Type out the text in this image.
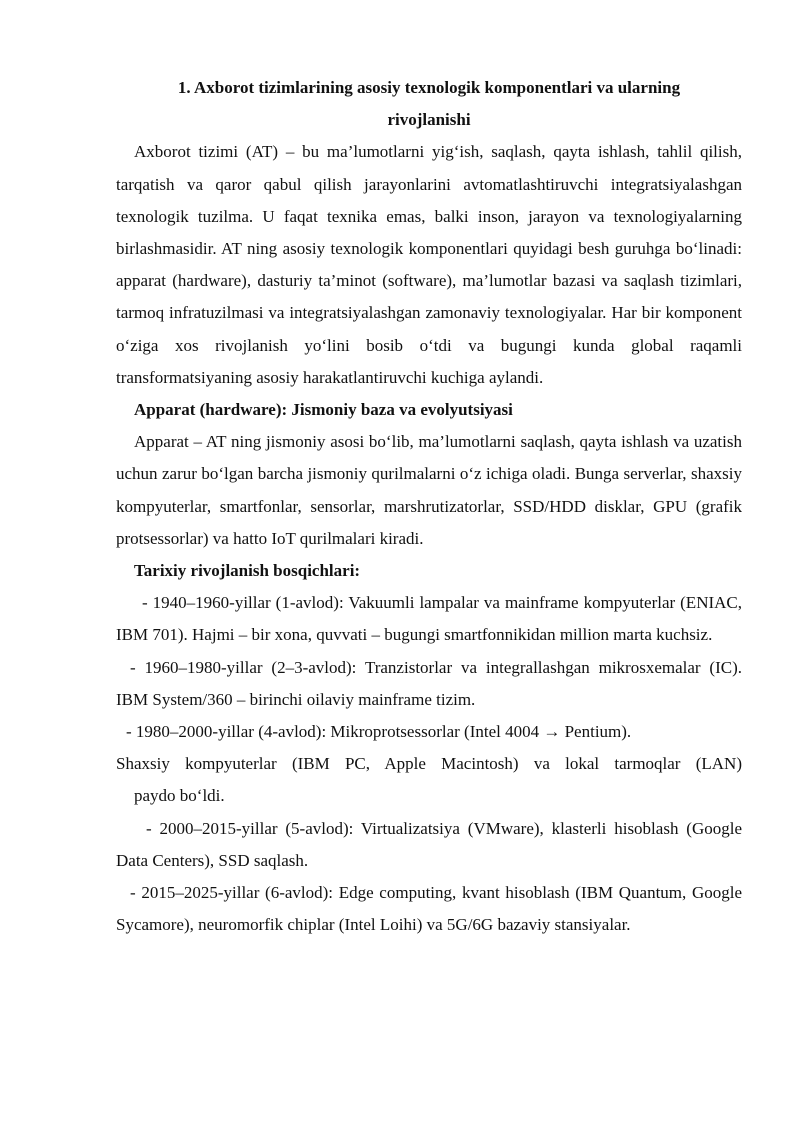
1. Axborot tizimlarining asosiy texnologik komponentlari va ularning
rivojlanishi

Axborot tizimi (AT) – bu ma’lumotlarni yig‘ish, saqlash, qayta ishlash, tahlil qilish, tarqatish va qaror qabul qilish jarayonlarini avtomatlashtiruvchi integratsiyalashgan texnologik tuzilma. U faqat texnika emas, balki inson, jarayon va texnologiyalarning birlashmasidir. AT ning asosiy texnologik komponentlari quyidagi besh guruhga bo‘linadi: apparat (hardware), dasturiy ta’minot (software), ma’lumotlar bazasi va saqlash tizimlari, tarmoq infratuzilmasi va integratsiyalashgan zamonaviy texnologiyalar. Har bir komponent o‘ziga xos rivojlanish yo‘lini bosib o‘tdi va bugungi kunda global raqamli transformatsiyaning asosiy harakatlantiruvchi kuchiga aylandi.

Apparat (hardware): Jismoniy baza va evolyutsiyasi

Apparat – AT ning jismoniy asosi bo‘lib, ma’lumotlarni saqlash, qayta ishlash va uzatish uchun zarur bo‘lgan barcha jismoniy qurilmalarni o‘z ichiga oladi. Bunga serverlar, shaxsiy kompyuterlar, smartfonlar, sensorlar, marshrutizatorlar, SSD/HDD disklar, GPU (grafik protsessorlar) va hatto IoT qurilmalari kiradi.

Tarixiy rivojlanish bosqichlari:

- 1940–1960-yillar (1-avlod): Vakuumli lampalar va mainframe kompyuterlar (ENIAC, IBM 701). Hajmi – bir xona, quvvati – bugungi smartfonnikidan million marta kuchsiz.

- 1960–1980-yillar (2–3-avlod): Tranzistorlar va integrallashgan mikrosxemalar (IC). IBM System/360 – birinchi oilaviy mainframe tizim.

- 1980–2000-yillar (4-avlod): Mikroprotsessorlar (Intel 4004 → Pentium).

Shaxsiy kompyuterlar (IBM PC, Apple Macintosh) va lokal tarmoqlar (LAN)

paydo bo‘ldi.

- 2000–2015-yillar (5-avlod): Virtualizatsiya (VMware), klasterli hisoblash (Google Data Centers), SSD saqlash.

- 2015–2025-yillar (6-avlod): Edge computing, kvant hisoblash (IBM Quantum, Google Sycamore), neuromorfik chiplar (Intel Loihi) va 5G/6G bazaviy stansiyalar.
